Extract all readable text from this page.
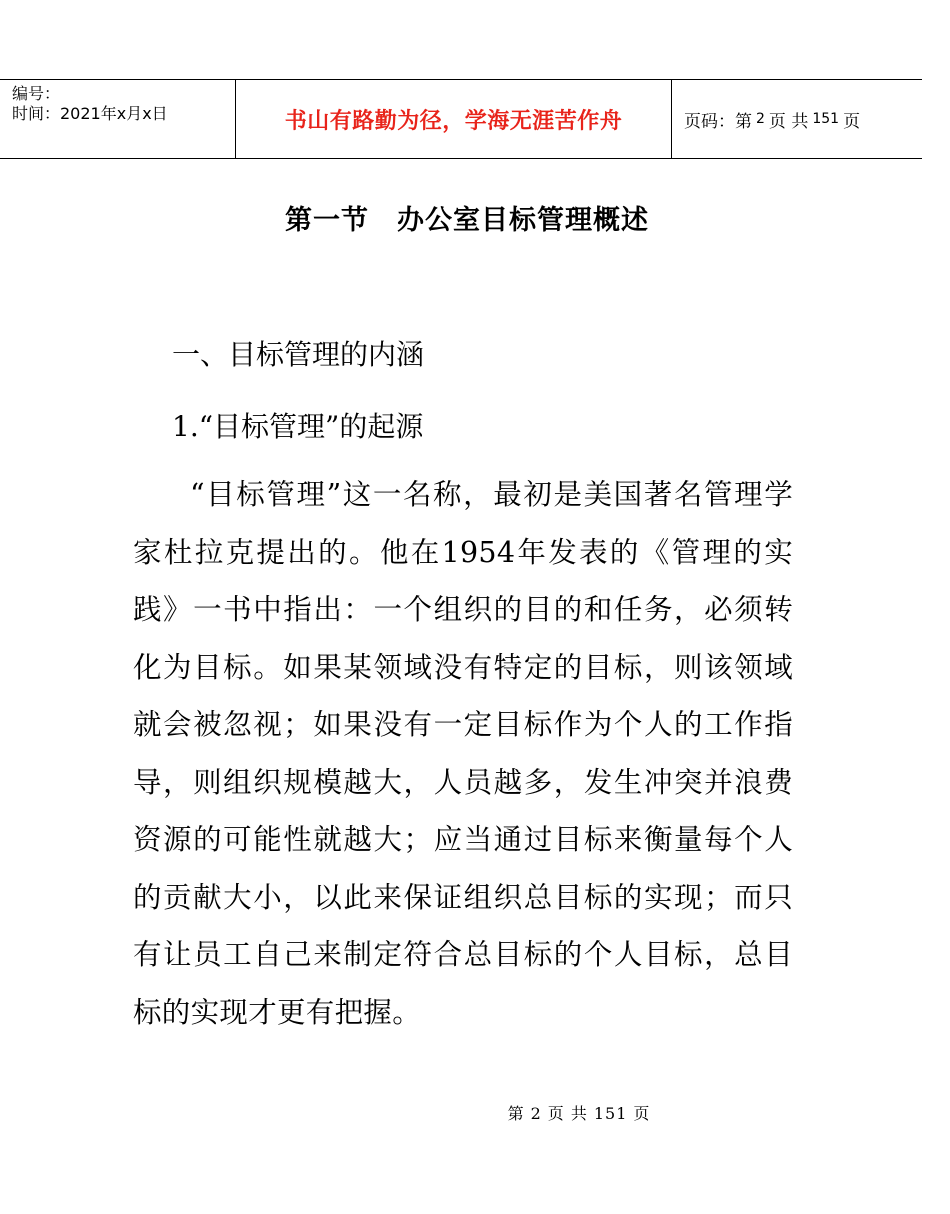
编号：
时间：2021年x月x日	书山有路勤为径，学海无涯苦作舟	页码：第 2 页 共 151 页
第一节 办公室目标管理概述
一、目标管理的内涵
1.“目标管理”的起源
“目标管理”这一名称，最初是美国著名管理学家杜拉克提出的。他在1954年发表的《管理的实践》一书中指出：一个组织的目的和任务，必须转化为目标。如果某领域没有特定的目标，则该领域就会被忽视；如果没有一定目标作为个人的工作指导，则组织规模越大，人员越多，发生冲突并浪费资源的可能性就越大；应当通过目标来衡量每个人的贡献大小，以此来保证组织总目标的实现；而只有让员工自己来制定符合总目标的个人目标，总目标的实现才更有把握。
第 2 页 共 151 页
